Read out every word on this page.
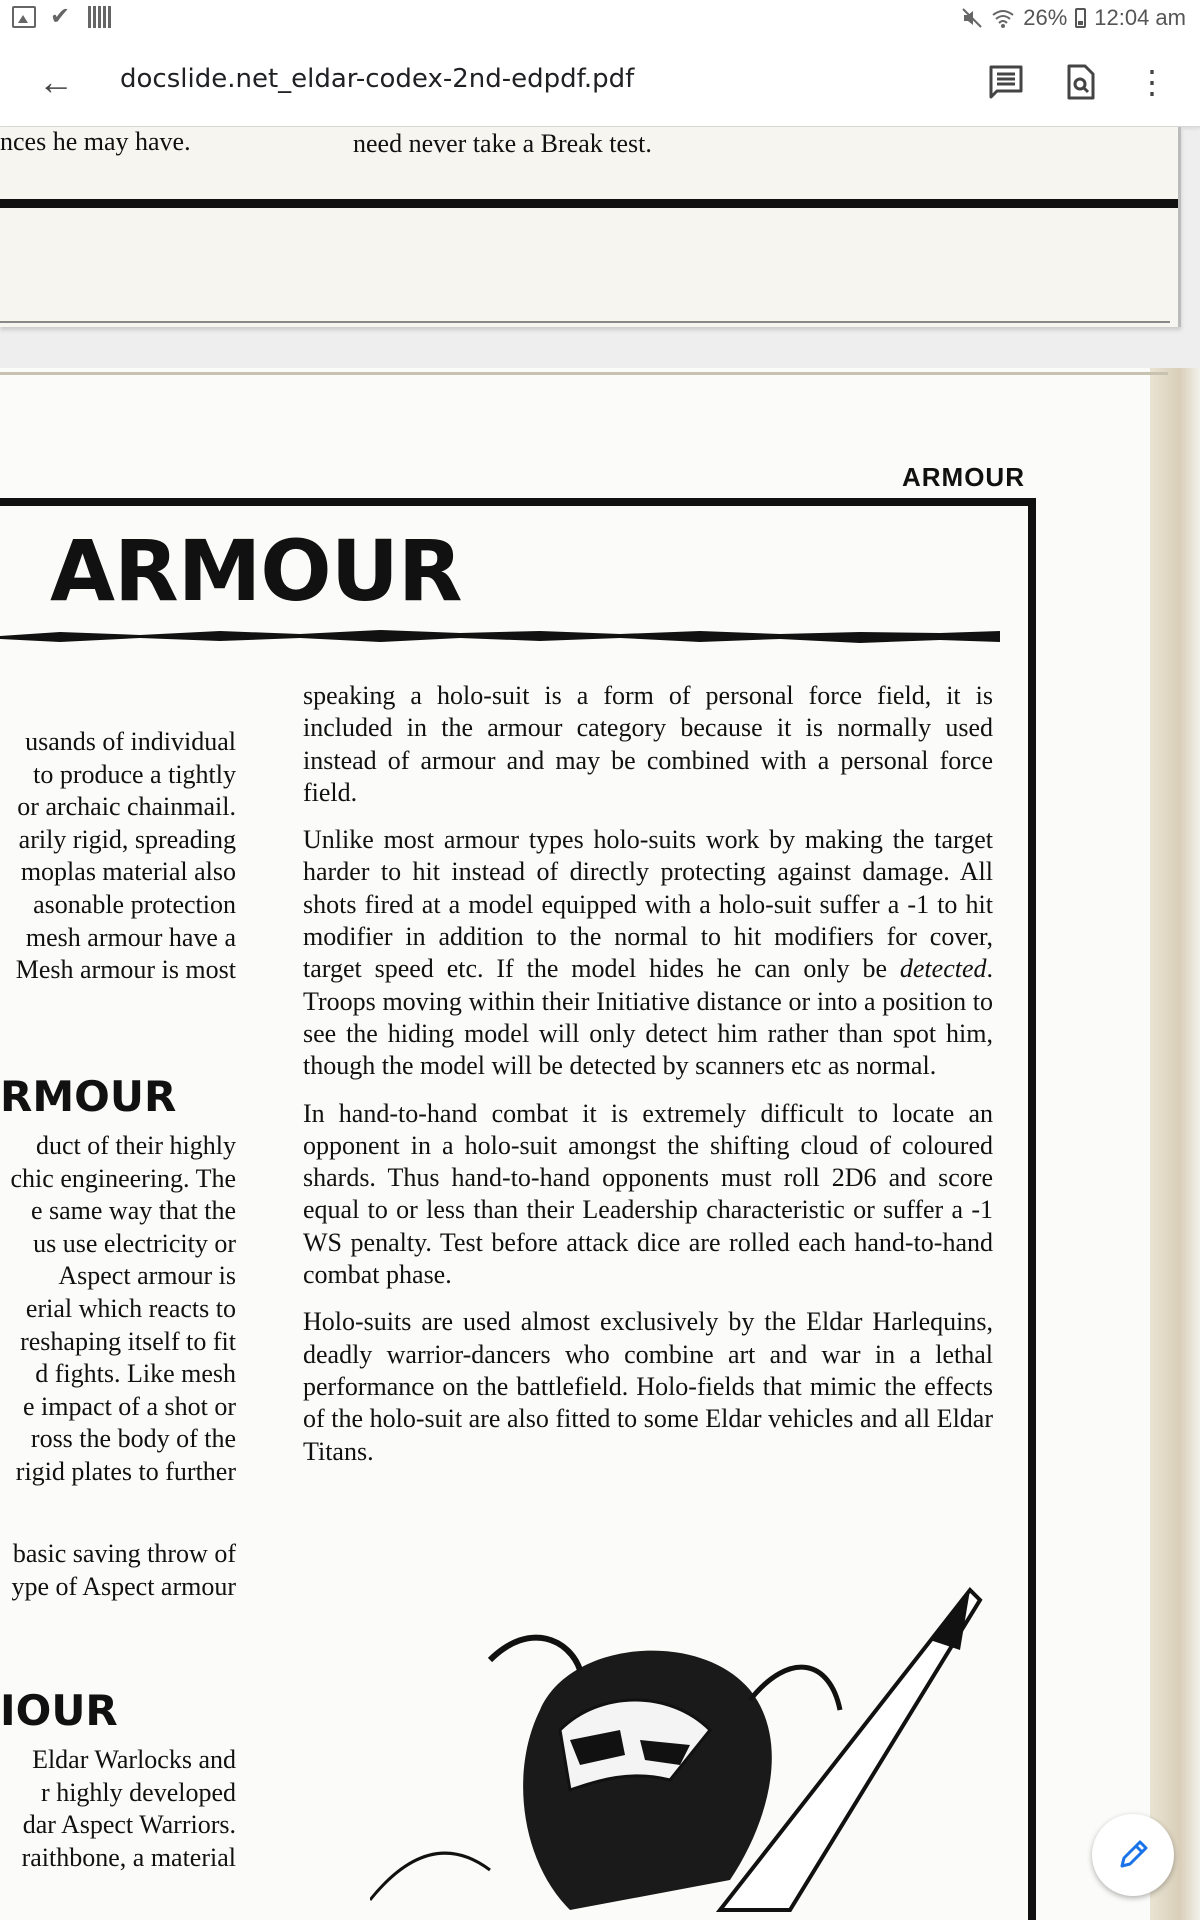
✔	26% 12:04 am
← docslide.net_eldar-codex-2nd-edpdf.pdf	⋮
nces he may have.	need never take a Break test.
ARMOUR
ARMOUR

usands of individual

to produce a tightly

or archaic chainmail.

arily rigid, spreading

moplas material also

asonable protection

mesh armour have a

Mesh armour is most

RMOUR

duct of their highly

chic engineering. The

e same way that the

us use electricity or

Aspect armour is

erial which reacts to

reshaping itself to fit

d fights. Like mesh

e impact of a shot or

ross the body of the

rigid plates to further

basic saving throw of

ype of Aspect armour

IOUR

Eldar Warlocks and

r highly developed

dar Aspect Warriors.

raithbone, a material

speaking a holo-suit is a form of personal force field, it is included in the armour category because it is normally used instead of armour and may be combined with a personal force field.

Unlike most armour types holo-suits work by making the target harder to hit instead of directly protecting against damage. All shots fired at a model equipped with a holo-suit suffer a -1 to hit modifier in addition to the normal to hit modifiers for cover, target speed etc. If the model hides he can only be detected. Troops moving within their Initiative distance or into a position to see the hiding model will only detect him rather than spot him, though the model will be detected by scanners etc as normal.

In hand-to-hand combat it is extremely difficult to locate an opponent in a holo-suit amongst the shifting cloud of coloured shards. Thus hand-to-hand opponents must roll 2D6 and score equal to or less than their Leadership characteristic or suffer a -1 WS penalty. Test before attack dice are rolled each hand-to-hand combat phase.

Holo-suits are used almost exclusively by the Eldar Harlequins, deadly warrior-dancers who combine art and war in a lethal performance on the battlefield. Holo-fields that mimic the effects of the holo-suit are also fitted to some Eldar vehicles and all Eldar Titans.
